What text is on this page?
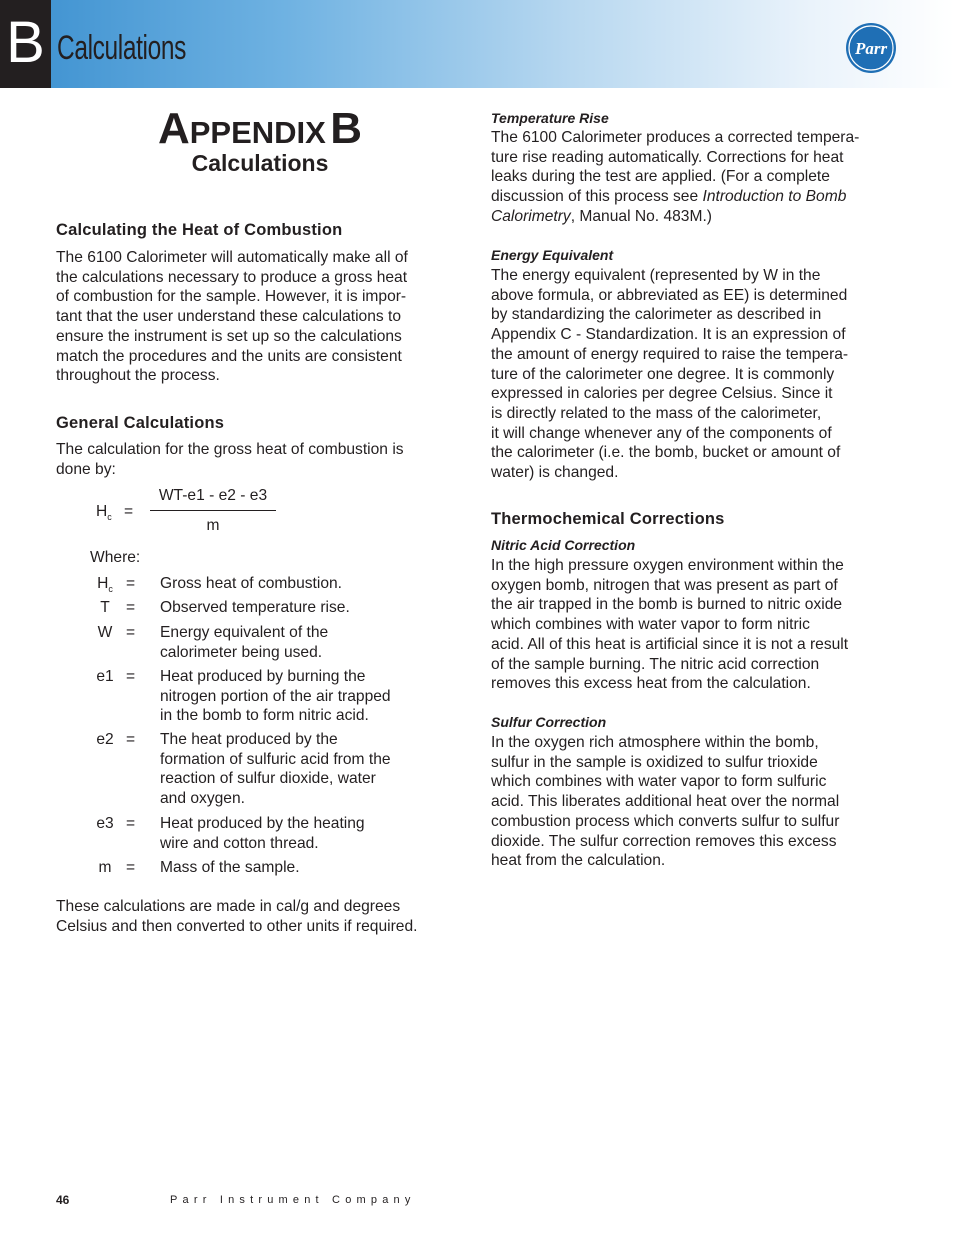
B Calculations	Parr
APPENDIX B
Calculations
Calculating the Heat of Combustion
The 6100 Calorimeter will automatically make all of
the calculations necessary to produce a gross heat
of combustion for the sample. However, it is impor-
tant that the user understand these calculations to
ensure the instrument is set up so the calculations
match the procedures and the units are consistent
throughout the process.
General Calculations
The calculation for the gross heat of combustion is
done by:
$H_c$ =
WT-e1 - e2 - e3
m
Where:
$H_c$ = Gross heat of combustion.
T	= Observed temperature rise.
W = Energy equivalent of the
calorimeter being used.
e1 = Heat produced by burning the
nitrogen portion of the air trapped
in the bomb to form nitric acid.
e2 = The heat produced by the
formation of sulfuric acid from the
reaction of sulfur dioxide, water
and oxygen.
e3 = Heat produced by the heating
wire and cotton thread.
m = Mass of the sample.
These calculations are made in cal/g and degrees
Celsius and then converted to other units if required.
Temperature Rise
The 6100 Calorimeter produces a corrected tempera-
ture rise reading automatically. Corrections for heat
leaks during the test are applied. (For a complete
discussion of this process see Introduction to Bomb
Calorimetry, Manual No. 483M.)
Energy Equivalent
The energy equivalent (represented by W in the
above formula, or abbreviated as EE) is determined
by standardizing the calorimeter as described in
Appendix C - Standardization. It is an expression of
the amount of energy required to raise the tempera-
ture of the calorimeter one degree. It is commonly
expressed in calories per degree Celsius. Since it
is directly related to the mass of the calorimeter,
it will change whenever any of the components of
the calorimeter (i.e. the bomb, bucket or amount of
water) is changed.
Thermochemical Corrections
Nitric Acid Correction
In the high pressure oxygen environment within the
oxygen bomb, nitrogen that was present as part of
the air trapped in the bomb is burned to nitric oxide
which combines with water vapor to form nitric
acid. All of this heat is artificial since it is not a result
of the sample burning. The nitric acid correction
removes this excess heat from the calculation.
Sulfur Correction
In the oxygen rich atmosphere within the bomb,
sulfur in the sample is oxidized to sulfur trioxide
which combines with water vapor to form sulfuric
acid. This liberates additional heat over the normal
combustion process which converts sulfur to sulfur
dioxide. The sulfur correction removes this excess
heat from the calculation.
46	Parr Instrument Company
